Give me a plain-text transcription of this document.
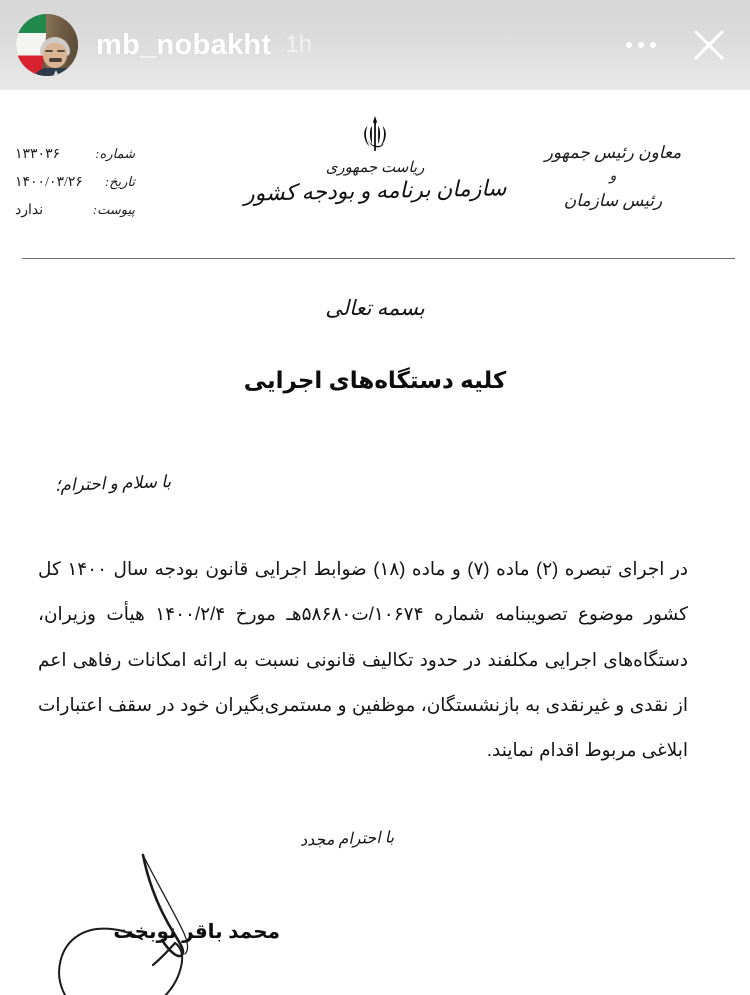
mb_nobakht 1h
معاون رئیس جمهور
و
رئیس سازمان
ریاست جمهوری
سازمان برنامه و بودجه کشور
شماره:
۱۳۳۰۳۶
تاریخ:
۱۴۰۰/۰۳/۲۶
پیوست:
ندارد
بسمه تعالی
کلیه دستگاه‌های اجرایی
با سلام و احترام؛
در اجرای تبصره (۲) ماده (۷) و ماده (۱۸) ضوابط اجرایی قانون بودجه سال ۱۴۰۰ کل کشور موضوع تصویبنامه شماره ۱۰۶۷۴/ت۵۸۶۸۰هـ مورخ ۱۴۰۰/۲/۴ هیأت وزیران، دستگاه‌های اجرایی مکلفند در حدود تکالیف قانونی نسبت به ارائه امکانات رفاهی اعم از نقدی و غیرنقدی به بازنشستگان، موظفین و مستمری‌بگیران خود در سقف اعتبارات ابلاغی مربوط اقدام نمایند.
با احترام مجدد
محمد باقر نوبخت
